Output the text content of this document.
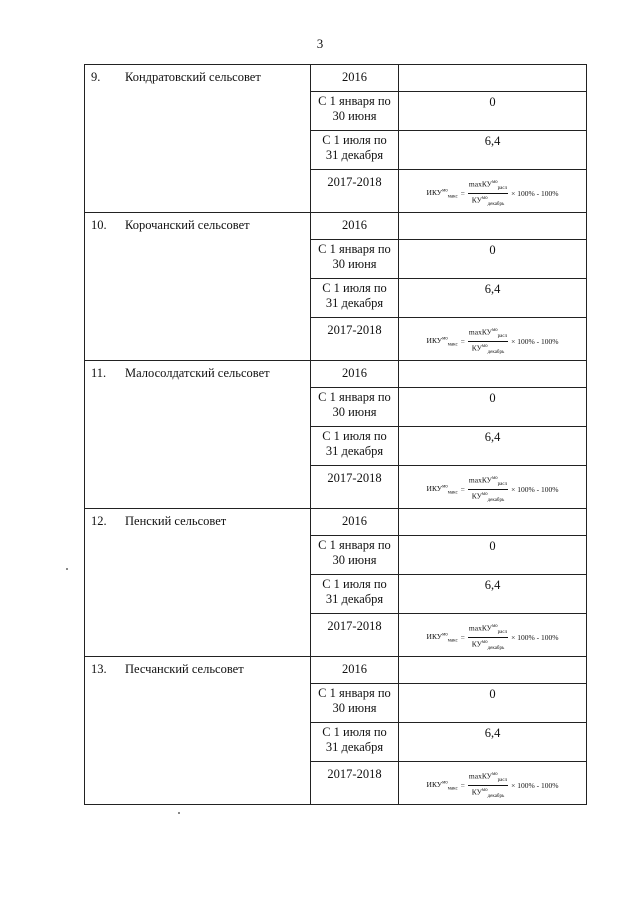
3
9. Кондратовский сельсовет	2016	

	С 1 января по
30 июня	0

	С 1 июля по
31 декабря	6,4

	2017-2018	$ИКУ^{мо}_{макс} = \frac{\max КУ^{мо}_{расл}}{КУ^{мо}_{декабрь}} \times 100\% - 100\%$

10. Корочанский сельсовет	2016	

	С 1 января по
30 июня	0

	С 1 июля по
31 декабря	6,4

	2017-2018	$ИКУ^{мо}_{макс} = \frac{\max КУ^{мо}_{расл}}{КУ^{мо}_{декабрь}} \times 100\% - 100\%$

11. Малосолдатский сельсовет	2016	

	С 1 января по
30 июня	0

	С 1 июля по
31 декабря	6,4

	2017-2018	$ИКУ^{мо}_{макс} = \frac{\max КУ^{мо}_{расл}}{КУ^{мо}_{декабрь}} \times 100\% - 100\%$

12. Пенский сельсовет	2016	

	С 1 января по
30 июня	0

	С 1 июля по
31 декабря	6,4

	2017-2018	$ИКУ^{мо}_{макс} = \frac{\max КУ^{мо}_{расл}}{КУ^{мо}_{декабрь}} \times 100\% - 100\%$

13. Песчанский сельсовет	2016	

	С 1 января по
30 июня	0

	С 1 июля по
31 декабря	6,4

	2017-2018	$ИКУ^{мо}_{макс} = \frac{\max КУ^{мо}_{расл}}{КУ^{мо}_{декабрь}} \times 100\% - 100\%$
